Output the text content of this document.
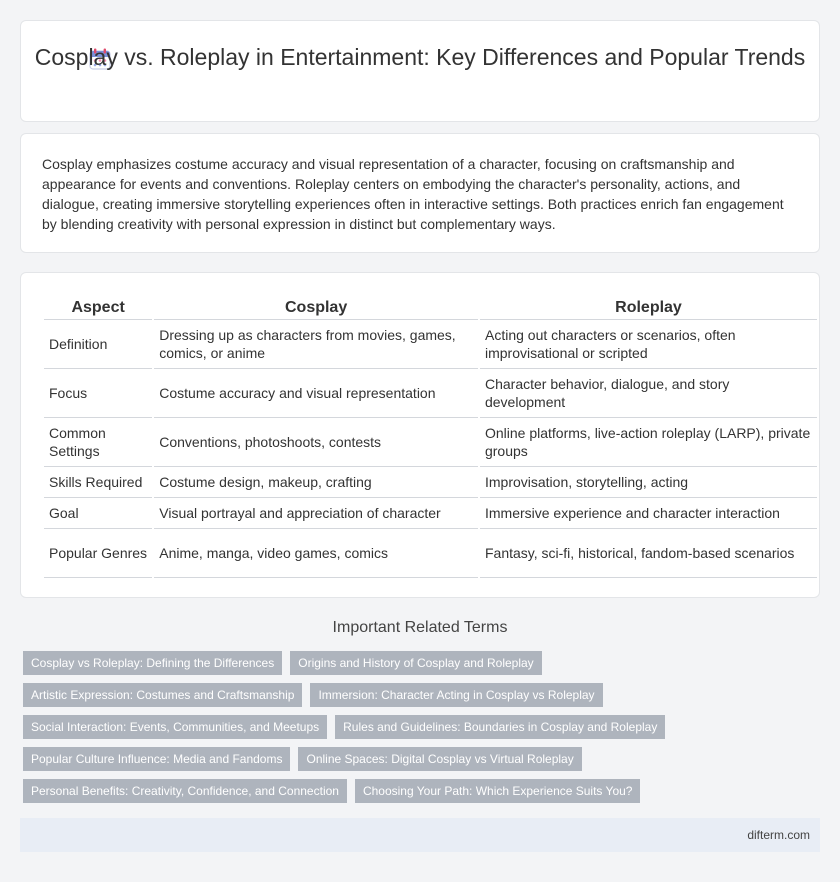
Cosplay vs. Roleplay in Entertainment: Key Differences and Popular Trends

Cosplay emphasizes costume accuracy and visual representation of a character, focusing on craftsmanship and appearance for events and conventions. Roleplay centers on embodying the character's personality, actions, and dialogue, creating immersive storytelling experiences often in interactive settings. Both practices enrich fan engagement by blending creativity with personal expression in distinct but complementary ways.

Aspect	Cosplay	Roleplay
Definition	Dressing up as characters from movies, games, comics, or anime	Acting out characters or scenarios, often improvisational or scripted
Focus	Costume accuracy and visual representation	Character behavior, dialogue, and story development
Common Settings	Conventions, photoshoots, contests	Online platforms, live-action roleplay (LARP), private groups
Skills Required	Costume design, makeup, crafting	Improvisation, storytelling, acting
Goal	Visual portrayal and appreciation of character	Immersive experience and character interaction
Popular Genres	Anime, manga, video games, comics	Fantasy, sci-fi, historical, fandom-based scenarios
Important Related Terms
Cosplay vs Roleplay: Defining the Differences	Origins and History of Cosplay and Roleplay
Artistic Expression: Costumes and Craftsmanship	Immersion: Character Acting in Cosplay vs Roleplay
Social Interaction: Events, Communities, and Meetups	Rules and Guidelines: Boundaries in Cosplay and Roleplay
Popular Culture Influence: Media and Fandoms	Online Spaces: Digital Cosplay vs Virtual Roleplay
Personal Benefits: Creativity, Confidence, and Connection	Choosing Your Path: Which Experience Suits You?
difterm.com
